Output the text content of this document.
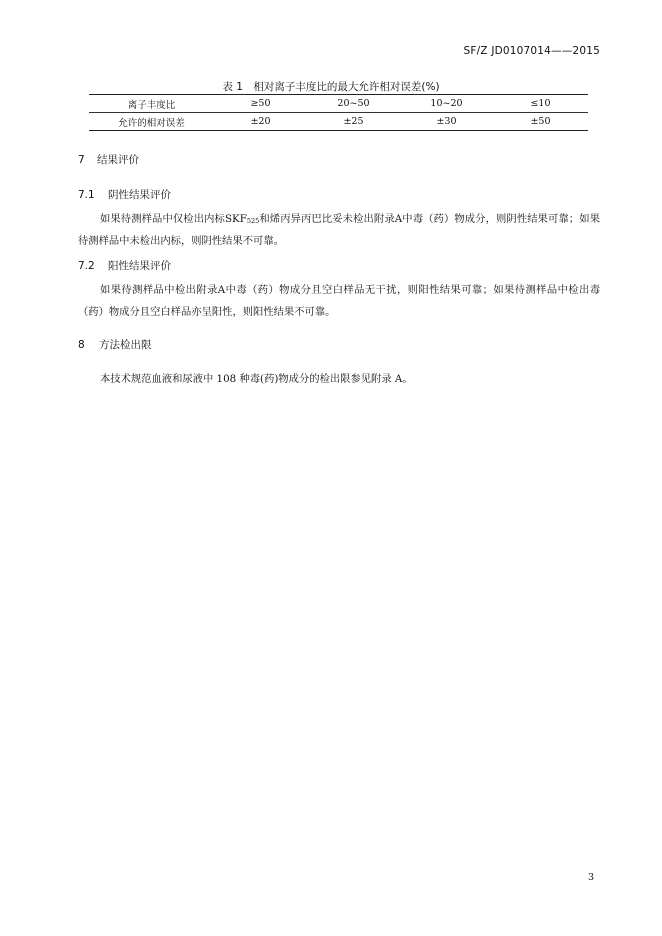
SF/Z JD0107014——2015
表 1　相对离子丰度比的最大允许相对误差(%)
离子丰度比	≥50	20~50	10~20	≤10
允许的相对误差	±20	±25	±30	±50
7 结果评价
7.1 阴性结果评价
如果待测样品中仅检出内标$SKF_{525}$和烯丙异丙巴比妥未检出附录A中毒（药）物成分，则阴性结果可靠；如果待测样品中未检出内标，则阴性结果不可靠。
7.2 阳性结果评价
如果待测样品中检出附录A中毒（药）物成分且空白样品无干扰，则阳性结果可靠；如果待测样品中检出毒（药）物成分且空白样品亦呈阳性，则阳性结果不可靠。
8 方法检出限
本技术规范血液和尿液中 108 种毒(药)物成分的检出限参见附录 A。
3
